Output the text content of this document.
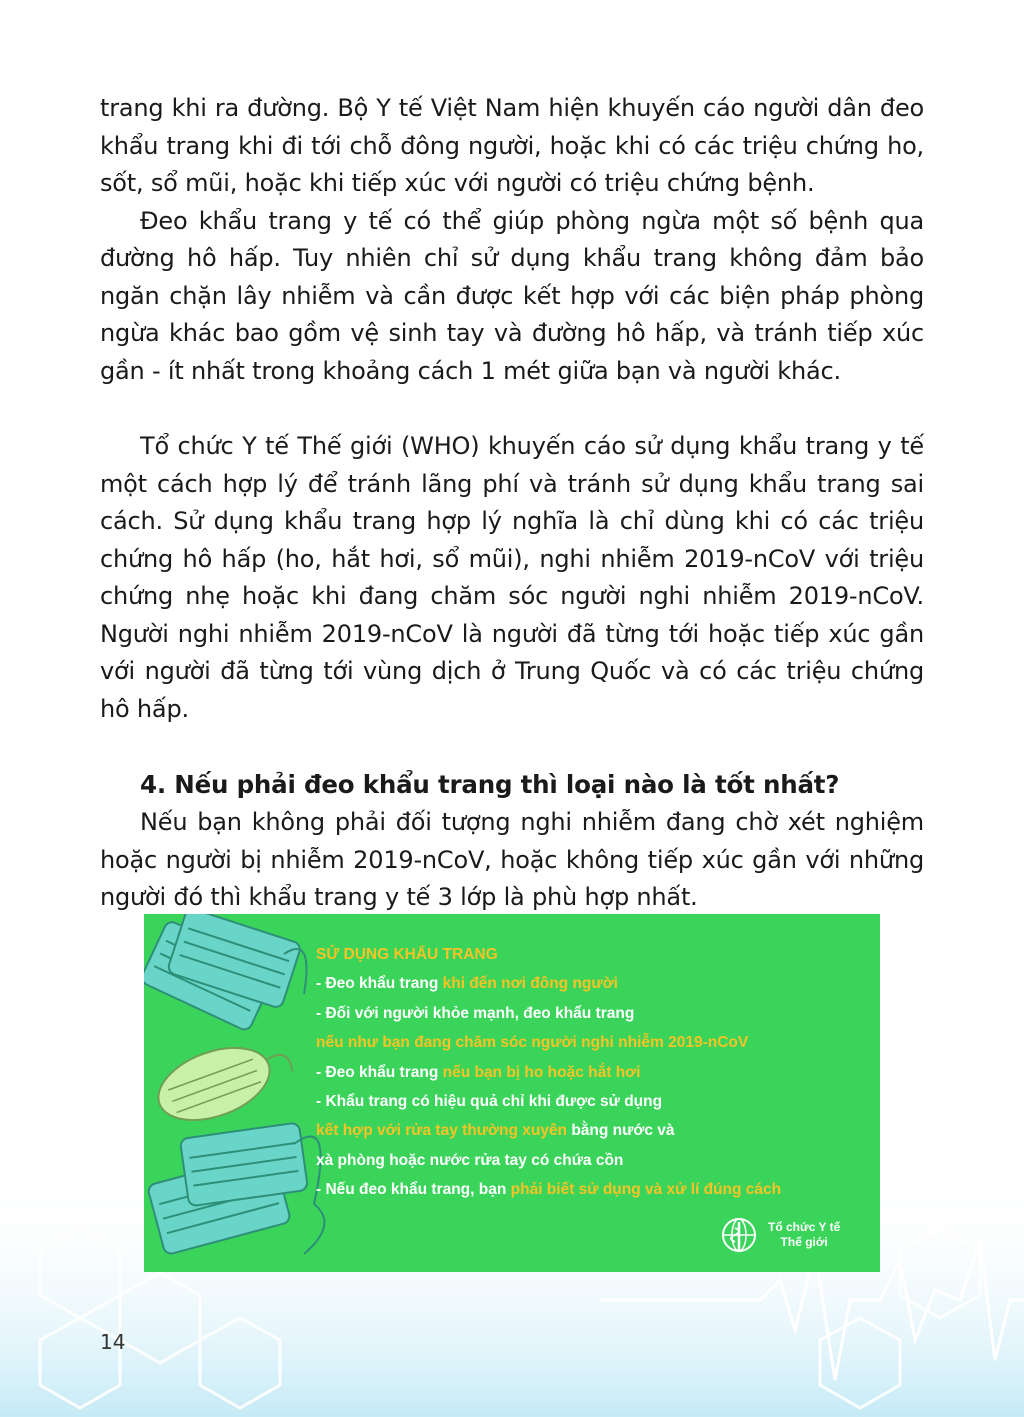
trang khi ra đường. Bộ Y tế Việt Nam hiện khuyến cáo người dân đeo khẩu trang khi đi tới chỗ đông người, hoặc khi có các triệu chứng ho, sốt, sổ mũi, hoặc khi tiếp xúc với người có triệu chứng bệnh.

Đeo khẩu trang y tế có thể giúp phòng ngừa một số bệnh qua đường hô hấp. Tuy nhiên chỉ sử dụng khẩu trang không đảm bảo ngăn chặn lây nhiễm và cần được kết hợp với các biện pháp phòng ngừa khác bao gồm vệ sinh tay và đường hô hấp, và tránh tiếp xúc gần - ít nhất trong khoảng cách 1 mét giữa bạn và người khác.

Tổ chức Y tế Thế giới (WHO) khuyến cáo sử dụng khẩu trang y tế một cách hợp lý để tránh lãng phí và tránh sử dụng khẩu trang sai cách. Sử dụng khẩu trang hợp lý nghĩa là chỉ dùng khi có các triệu chứng hô hấp (ho, hắt hơi, sổ mũi), nghi nhiễm 2019-nCoV với triệu chứng nhẹ hoặc khi đang chăm sóc người nghi nhiễm 2019-nCoV. Người nghi nhiễm 2019-nCoV là người đã từng tới hoặc tiếp xúc gần với người đã từng tới vùng dịch ở Trung Quốc và có các triệu chứng hô hấp.

4. Nếu phải đeo khẩu trang thì loại nào là tốt nhất?

Nếu bạn không phải đối tượng nghi nhiễm đang chờ xét nghiệm hoặc người bị nhiễm 2019-nCoV, hoặc không tiếp xúc gần với những người đó thì khẩu trang y tế 3 lớp là phù hợp nhất.

SỬ DỤNG KHẨU TRANG
- Đeo khẩu trang khi đến nơi đông người
- Đối với người khỏe mạnh, đeo khẩu trang
nếu như bạn đang chăm sóc người nghi nhiễm 2019-nCoV
- Đeo khẩu trang nếu bạn bị ho hoặc hắt hơi
- Khẩu trang có hiệu quả chỉ khi được sử dụng
kết hợp với rửa tay thường xuyên bằng nước và
xà phòng hoặc nước rửa tay có chứa cồn
- Nếu đeo khẩu trang, bạn phải biết sử dụng và xử lí đúng cách
Tổ chức Y tế
Thế giới
14
